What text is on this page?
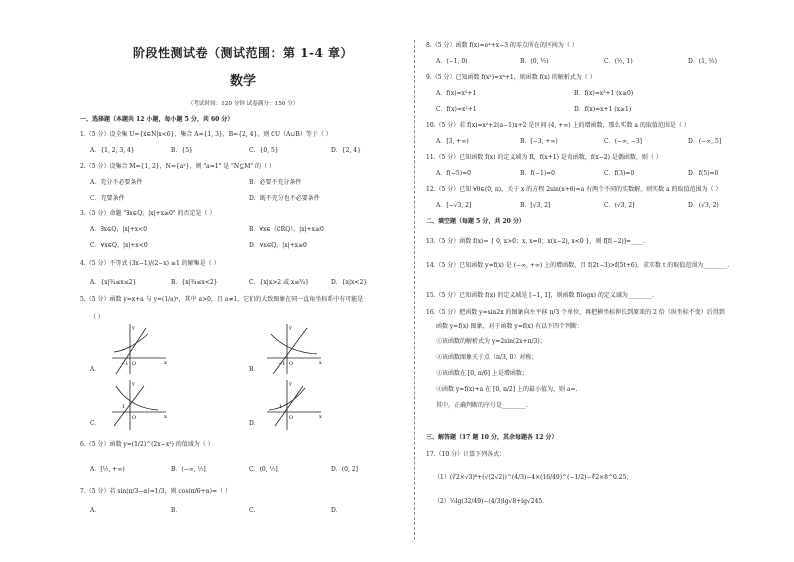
阶段性测试卷（测试范围：第 1-4 章）
数学
（考试时间：120 分钟 试卷满分：150 分）
一、选择题（本题共 12 小题，每小题 5 分，共 60 分）
1.（5 分）设全集 U={x∈N|x<6}，集合 A={1, 3}，B={2, 4}，则 ∁U（A∪B）等于（ ）
A．{1, 2, 3, 4}	B．{5}	C．{0, 5}	D．{2, 4}
2.（5 分）设集合 M={1, 2}，N={a²}，则 "a=1" 是 "N⊆M" 的（ ）
A．充分不必要条件	B．必要不充分条件
C．充要条件	D．既不充分也不必要条件
3.（5 分）命题 "∃x∈Q，|x|+x≥0" 的否定是（ ）
A．∃x∈Q，|x|+x<0	B．∀x∈（∁RQ），|x|+x≥0
C．∀x∈Q，|x|+x<0	D．∀x∈Q，|x|+x≥0
4.（5 分）不等式 (3x−1)/(2−x) ≥1 的解集是（ ）
A．{x|¾≤x≤2}	B．{x|¾≤x<2}	C．{x|x>2 或 x≤¾}	D．{x|x<2}
5.（5 分）函数 y=x+a 与 y=(1/a)ˣ，其中 a>0，且 a≠1，它们的大致图象在同一直角坐标系中有可能是
（ ）
A．
x
y
O
−1
B．
x
y
O
−1
C．
x
y
O
1
D．
x
y
O
1
6.（5 分）函数 y=(1/2)^(2x−x²) 的值域为（ ）
A．[½, +∞)	B．(−∞, ½]	C．(0, ½]	D．(0, 2]
7.（5 分）若 sin(π/3−α)=1/3，则 cos(π/6+α)=（ ）
A．	B．	C．	D．
8.（5 分）函数 f(x)=eˣ+x−3 的零点所在的区间为（ ）
A．(−1, 0)	B．(0, ½)	C．(½, 1)	D．(1, ⅔)
9.（5 分）已知函数 f(x²)=x⁴+1，则函数 f(x) 的解析式为（ ）
A．f(x)=x²+1	B．f(x)=x²+1 (x≥0)
C．f(x)=x²+1	D．f(x)=x+1 (x≥1)
10.（5 分）若 f(x)=x²+2(a−1)x+2 是区间 (4, +∞) 上的增函数，那么实数 a 的取值范围是（ ）
A．[3, +∞)	B．[−3, +∞)	C．(−∞, −3]	D．(−∞, 5]
11.（5 分）已知函数 f(x) 的定义域为 R，f(x+1) 是奇函数，f(x−2) 是偶函数，则（ ）
A．f(−5)=0	B．f(−1)=0	C．f(3)=0	D．f(5)=0
12.（5 分）已知 ∀θ∈(0, π)，关于 x 的方程 2sin(x+θ)=a 有两个不同的实数解，则实数 a 的取值范围为（ ）
A．[−√3, 2]	B．[√3, 2]	C．(√3, 2]	D．(√3, 2)
二、填空题（每题 5 分，共 20 分）
13.（5 分）函数 f(x)= { 0, x>0；x, x=0；x(x−2), x<0 }，则 f[f(−2)]=____.
14.（5 分）已知函数 y=f(x) 是 (−∞, +∞) 上的增函数，且 f(2t−3)>f(5t+6)，求实数 t 的取值范围为________.
15.（5 分）已知函数 f(x) 的定义域是 [−1, 1]，则函数 f(logx) 的定义域为________.
16.（5 分）把函数 y=sin2x 的图象向左平移 π/3 个单位，再把横坐标伸长到原来的 2 倍（纵坐标不变）后得到
函数 y=f(x) 图象，对于函数 y=f(x) 有以下四个判断：
①该函数的解析式为 y=2sin(2x+π/3)；
②该函数图象关于点（π/3, 0）对称；
③该函数在 [0, π/6] 上是增函数；
④函数 y=f(x)+a 在 [0, π/2] 上的最小值为，则 a=.
其中，正确判断的序号是________.
三、解答题（17 题 10 分，其余每题各 12 分）
17.（10 分）计算下列各式：
（1）(∛2×√3)⁶+(√(2√2))^(4/3)−4×(16/49)^(−1/2)−∜2×8^0.25；
（2）½lg(32/49)−(4/3)lg√8+lg√245.
